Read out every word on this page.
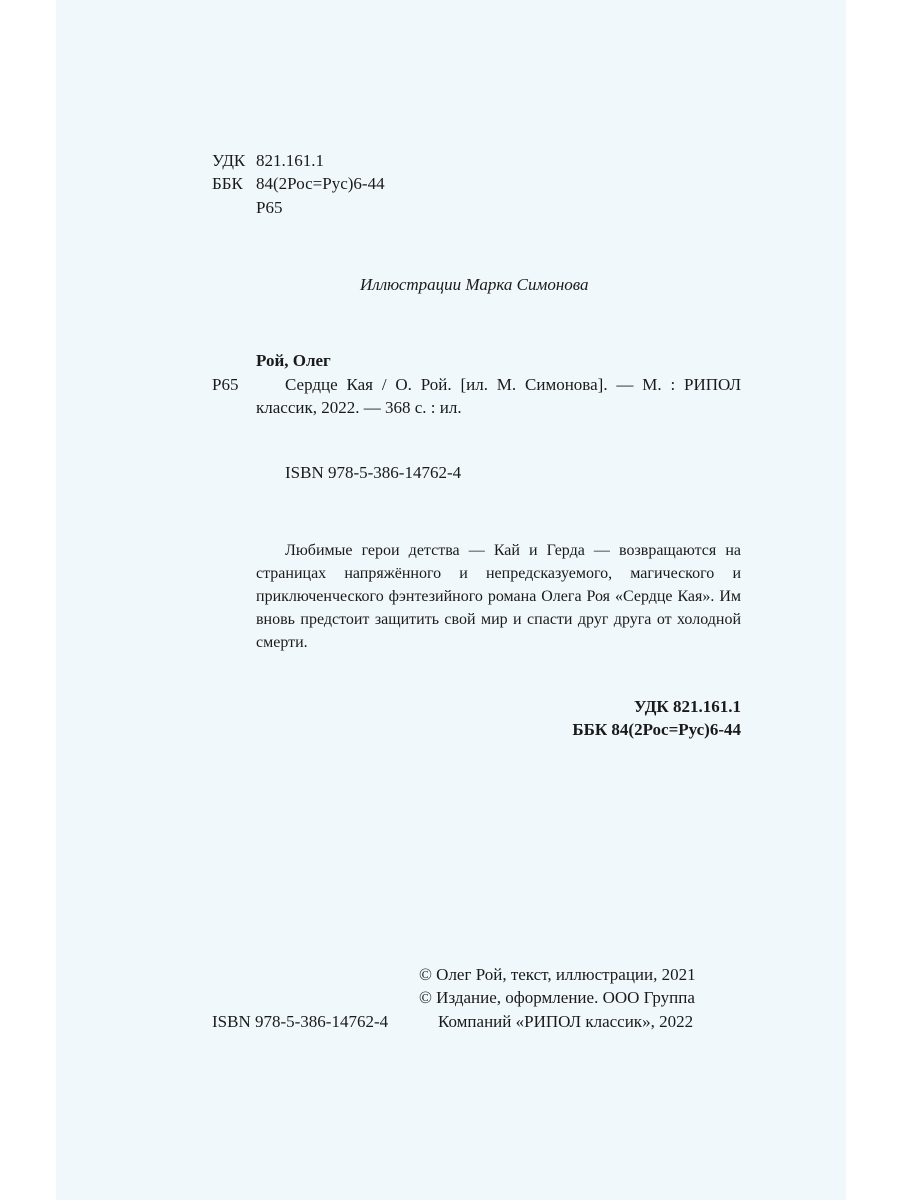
УДК 821.161.1
ББК 84(2Рос=Рус)6-44
Р65
Иллюстрации Марка Симонова
Рой, Олег
Р65	Сердце Кая / О. Рой. [ил. М. Симонова]. — М. : РИПОЛ классик, 2022. — 368 с. : ил.
ISBN 978-5-386-14762-4
Любимые герои детства — Кай и Герда — возвращаются на страницах напряжённого и непредсказуемого, магического и приключенческого фэнтезийного романа Олега Роя «Сердце Кая». Им вновь предстоит защитить свой мир и спасти друг друга от холодной смерти.
УДК 821.161.1
ББК 84(2Рос=Рус)6-44
© Олег Рой, текст, иллюстрации, 2021
© Издание, оформление. ООО Группа
Компаний «РИПОЛ классик», 2022
ISBN 978-5-386-14762-4
